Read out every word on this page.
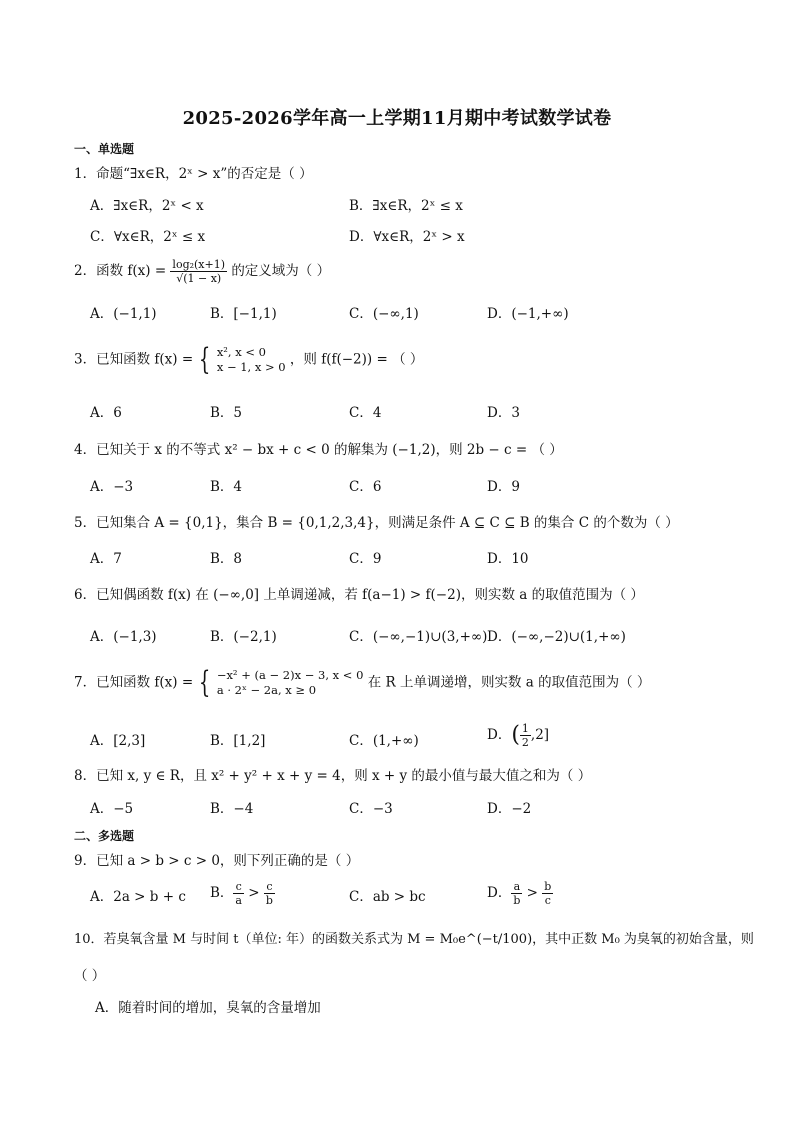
2025-2026学年高一上学期11月期中考试数学试卷
一、单选题
1．命题“∃x∈R，2ˣ > x”的否定是（ ）
A．∃x∈R，2ˣ < x	B．∃x∈R，2ˣ ≤ x
C．∀x∈R，2ˣ ≤ x	D．∀x∈R，2ˣ > x
2．函数 $f(x) = \frac{\text{log₂(x+1)}}{√(1 - x)}$ 的定义域为（ ）
A．(−1,1)	B．[−1,1)	C．(−∞,1)	D．(−1,+∞)
3．已知函数 f(x) = { x², x < 0
x − 1, x > 0 ，则 f(f(−2)) = （ ）
A．6	B．5	C．4	D．3
4．已知关于 x 的不等式 x² − bx + c < 0 的解集为 (−1,2)，则 2b − c = （ ）
A．−3	B．4	C．6	D．9
5．已知集合 A = {0,1}，集合 B = {0,1,2,3,4}，则满足条件 A ⊆ C ⊆ B 的集合 C 的个数为（ ）
A．7	B．8	C．9	D．10
6．已知偶函数 f(x) 在 (−∞,0] 上单调递减，若 f(a−1) > f(−2)，则实数 a 的取值范围为（ ）
A．(−1,3)	B．(−2,1)	C．(−∞,−1)∪(3,+∞) D．(−∞,−2)∪(1,+∞)
7．已知函数 f(x) = { −x² + (a − 2)x − 3, x < 0
a · 2ˣ − 2a, x ≥ 0	在 R 上单调递增，则实数 a 的取值范围为（ ）
A．[2,3]	B．[1,2]	C．(1,+∞)	D．( $\frac{1}{2} ,2$]
8．已知 x, y ∈ R，且 x² + y² + x + y = 4，则 x + y 的最小值与最大值之和为（ ）
A．−5	B．−4	C．−3	D．−2
二、多选题
9．已知 a > b > c > 0，则下列正确的是（ ）
A．2a > b + c B． $\frac{c}{a} > \frac{c}{b}$	C．ab > bc	D． $\frac{a}{b} > \frac{b}{c}$
10．若臭氧含量 M 与时间 t（单位: 年）的函数关系式为 M = M₀e^(−t/100)，其中正数 M₀ 为臭氧的初始含量，则
（ ）
A．随着时间的增加，臭氧的含量增加
